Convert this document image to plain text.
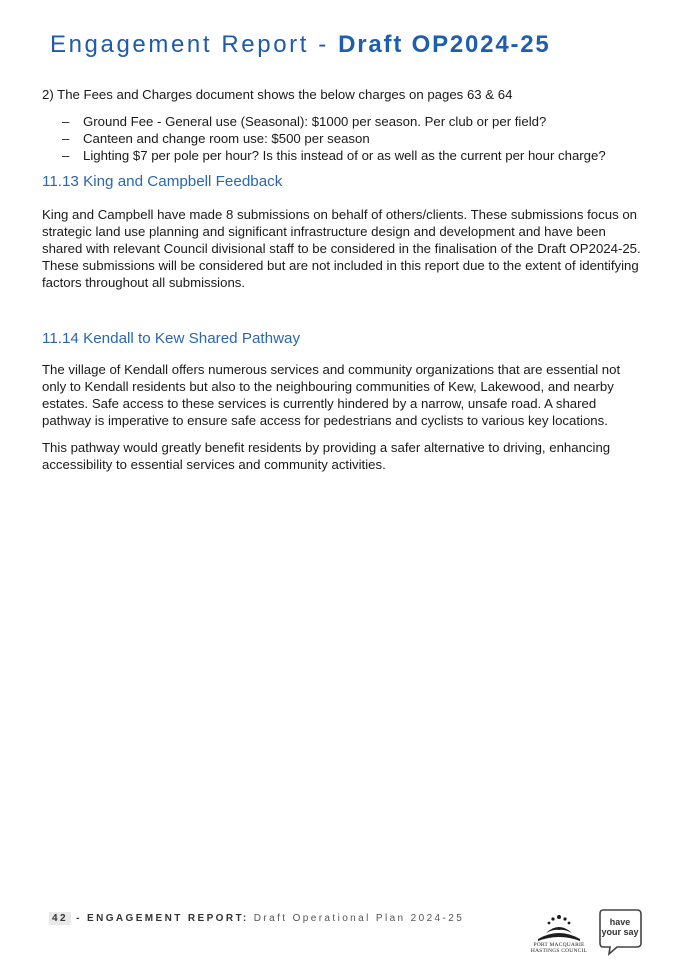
Engagement Report - Draft OP2024-25

2) The Fees and Charges document shows the below charges on pages 63 & 64

– Ground Fee - General use (Seasonal): $1000 per season. Per club or per field?
– Canteen and change room use: $500 per season
– Lighting $7 per pole per hour? Is this instead of or as well as the current per hour charge?
11.13 King and Campbell Feedback

King and Campbell have made 8 submissions on behalf of others/clients. These submissions focus on strategic land use planning and significant infrastructure design and development and have been shared with relevant Council divisional staff to be considered in the finalisation of the Draft OP2024-25. These submissions will be considered but are not included in this report due to the extent of identifying factors throughout all submissions.

11.14 Kendall to Kew Shared Pathway

The village of Kendall offers numerous services and community organizations that are essential not only to Kendall residents but also to the neighbouring communities of Kew, Lakewood, and nearby estates. Safe access to these services is currently hindered by a narrow, unsafe road. A shared pathway is imperative to ensure safe access for pedestrians and cyclists to various key locations.

This pathway would greatly benefit residents by providing a safer alternative to driving, enhancing accessibility to essential services and community activities.

42 - ENGAGEMENT REPORT: Draft Operational Plan 2024-25
PORT MACQUARIE
HASTINGS COUNCIL
have
your say
